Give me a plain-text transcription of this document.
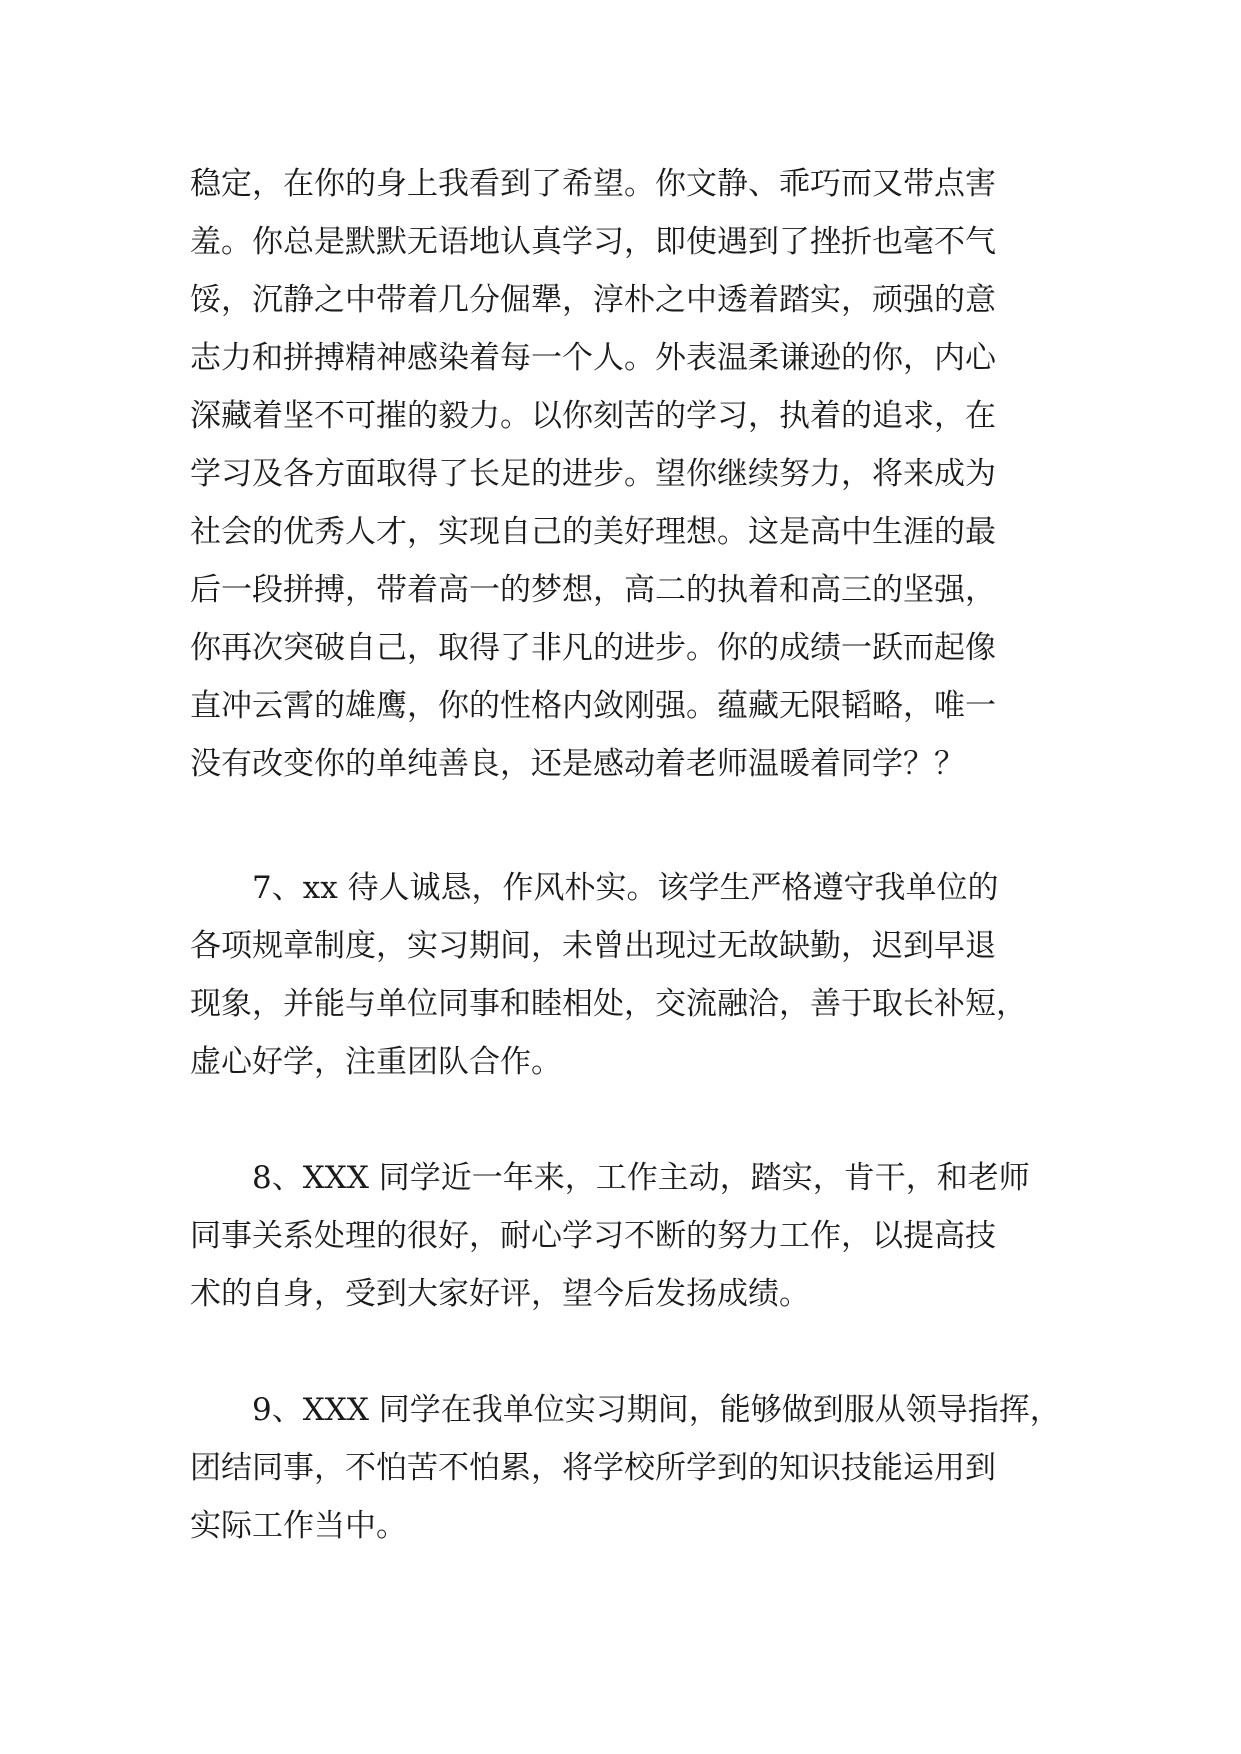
稳定，在你的身上我看到了希望。你文静、乖巧而又带点害
羞。你总是默默无语地认真学习，即使遇到了挫折也毫不气
馁，沉静之中带着几分倔犟，淳朴之中透着踏实，顽强的意
志力和拼搏精神感染着每一个人。外表温柔谦逊的你，内心
深藏着坚不可摧的毅力。以你刻苦的学习，执着的追求，在
学习及各方面取得了长足的进步。望你继续努力，将来成为
社会的优秀人才，实现自己的美好理想。这是高中生涯的最
后一段拼搏，带着高一的梦想，高二的执着和高三的坚强，
你再次突破自己，取得了非凡的进步。你的成绩一跃而起像
直冲云霄的雄鹰，你的性格内敛刚强。蕴藏无限韬略，唯一
没有改变你的单纯善良，还是感动着老师温暖着同学？？
　　7、xx 待人诚恳，作风朴实。该学生严格遵守我单位的
各项规章制度，实习期间，未曾出现过无故缺勤，迟到早退
现象，并能与单位同事和睦相处，交流融洽，善于取长补短，
虚心好学，注重团队合作。
　　8、XXX 同学近一年来，工作主动，踏实，肯干，和老师
同事关系处理的很好，耐心学习不断的努力工作，以提高技
术的自身，受到大家好评，望今后发扬成绩。
　　9、XXX 同学在我单位实习期间，能够做到服从领导指挥，
团结同事，不怕苦不怕累，将学校所学到的知识技能运用到
实际工作当中。
